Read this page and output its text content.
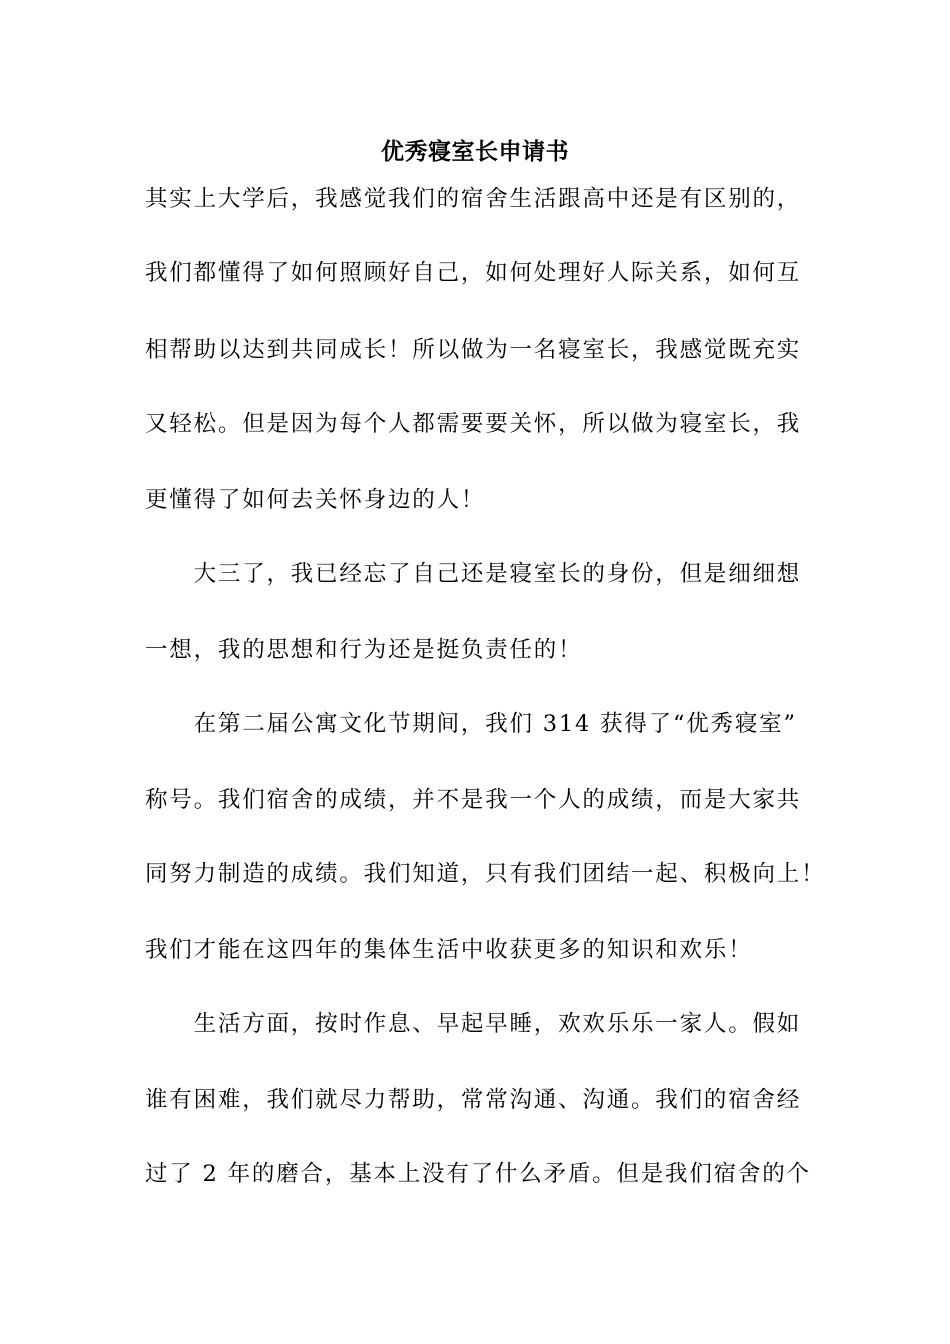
优秀寝室长申请书
其实上大学后，我感觉我们的宿舍生活跟高中还是有区别的，
我们都懂得了如何照顾好自己，如何处理好人际关系，如何互
相帮助以达到共同成长！所以做为一名寝室长，我感觉既充实
又轻松。但是因为每个人都需要要关怀，所以做为寝室长，我
更懂得了如何去关怀身边的人！
　　大三了，我已经忘了自己还是寝室长的身份，但是细细想
一想，我的思想和行为还是挺负责任的！
　　在第二届公寓文化节期间，我们 314 获得了“优秀寝室”
称号。我们宿舍的成绩，并不是我一个人的成绩，而是大家共
同努力制造的成绩。我们知道，只有我们团结一起、积极向上！
我们才能在这四年的集体生活中收获更多的知识和欢乐！
　　生活方面，按时作息、早起早睡，欢欢乐乐一家人。假如
谁有困难，我们就尽力帮助，常常沟通、沟通。我们的宿舍经
过了 2 年的磨合，基本上没有了什么矛盾。但是我们宿舍的个
